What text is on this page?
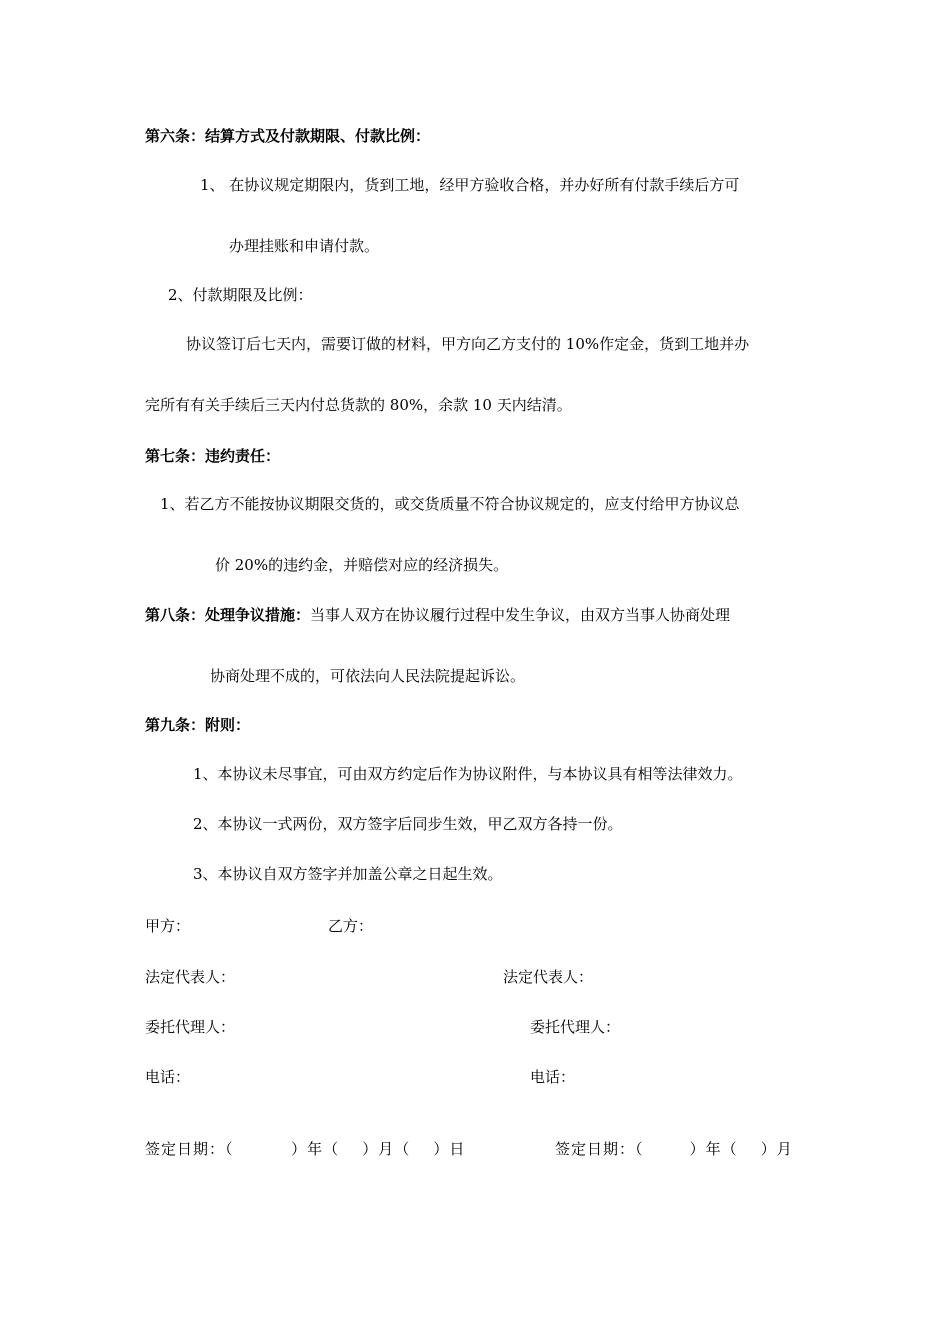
第六条：结算方式及付款期限、付款比例：
1、 在协议规定期限内，货到工地，经甲方验收合格，并办好所有付款手续后方可
办理挂账和申请付款。
2、付款期限及比例：
协议签订后七天内，需要订做的材料，甲方向乙方支付的 10%作定金，货到工地并办
完所有有关手续后三天内付总货款的 80%，余款 10 天内结清。
第七条：违约责任：
1、若乙方不能按协议期限交货的，或交货质量不符合协议规定的，应支付给甲方协议总
价 20%的违约金，并赔偿对应的经济损失。
第八条：处理争议措施：当事人双方在协议履行过程中发生争议，由双方当事人协商处理
协商处理不成的，可依法向人民法院提起诉讼。
第九条：附则：
1、本协议未尽事宜，可由双方约定后作为协议附件，与本协议具有相等法律效力。
2、本协议一式两份，双方签字后同步生效，甲乙双方各持一份。
3、本协议自双方签字并加盖公章之日起生效。
甲方：	乙方：
法定代表人：	法定代表人：
委托代理人：	委托代理人：
电话：	电话：
签定日期：（          ）年（    ）月（    ）日	签定日期：（        ）年（    ）月
